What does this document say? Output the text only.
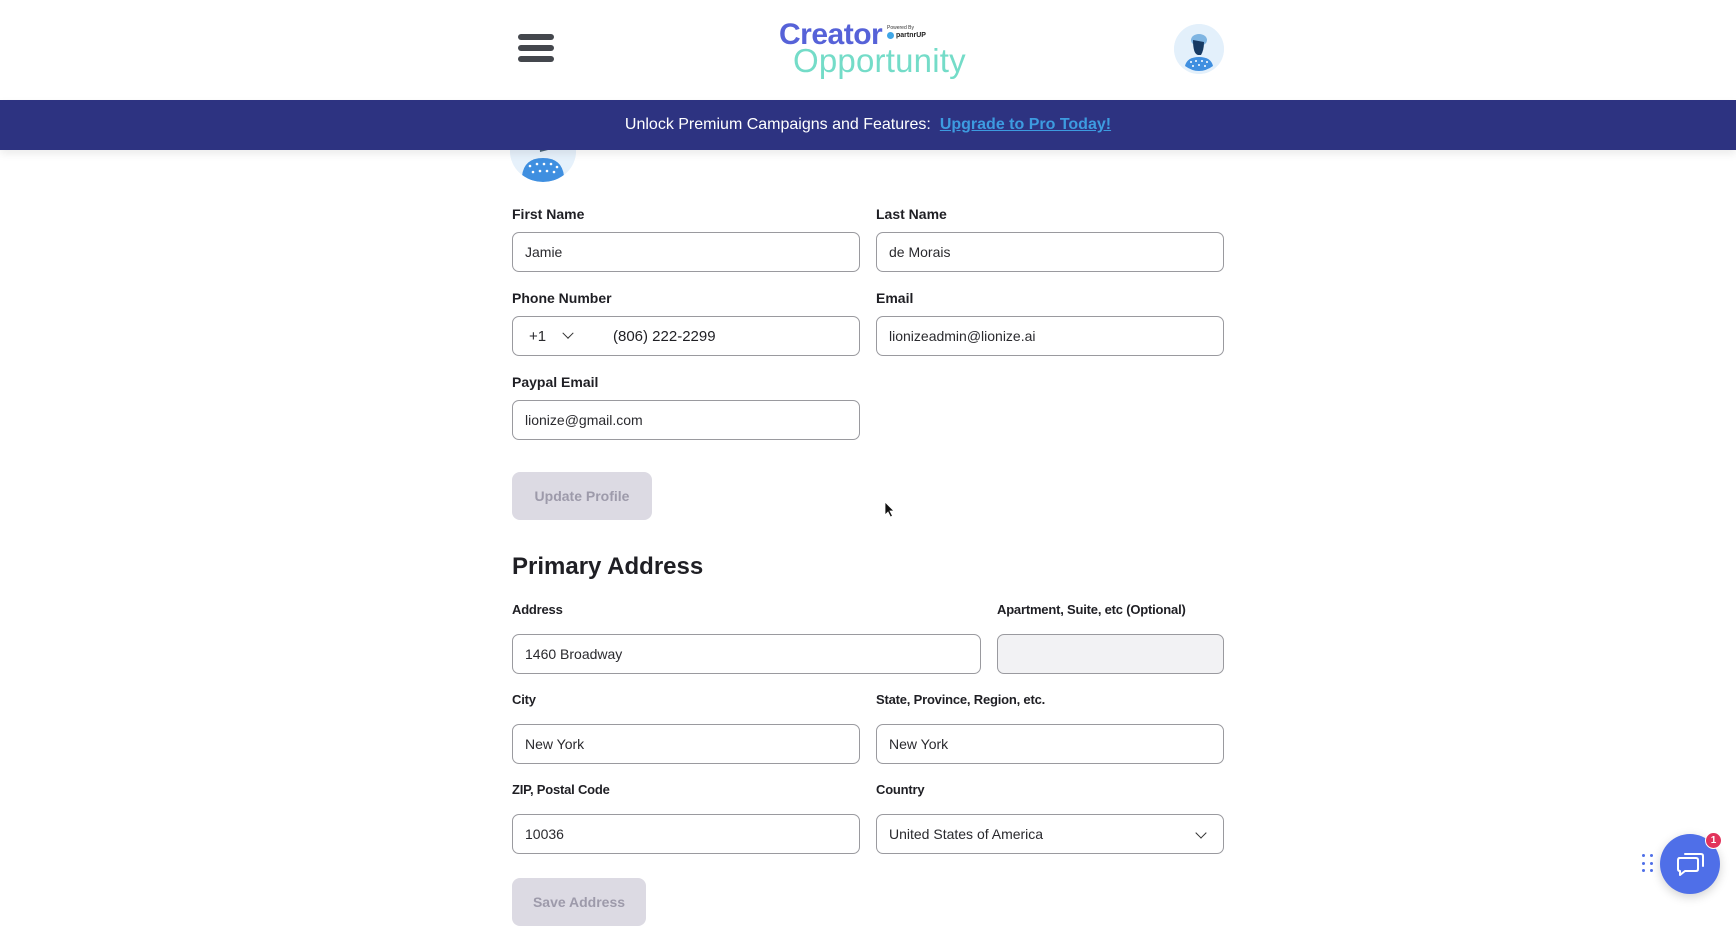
Creator Powered By
partnrUP
Opportunity
Unlock Premium Campaigns and Features: Upgrade to Pro Today!
First Name
Jamie
Last Name
de Morais
Phone Number
+1	(806) 222-2299
Email
lionizeadmin@lionize.ai
Paypal Email
lionize@gmail.com
Update Profile
Primary Address
Address
1460 Broadway
Apartment, Suite, etc (Optional)
City
New York
State, Province, Region, etc.
New York
ZIP, Postal Code
10036
Country
United States of America
Save Address
1
